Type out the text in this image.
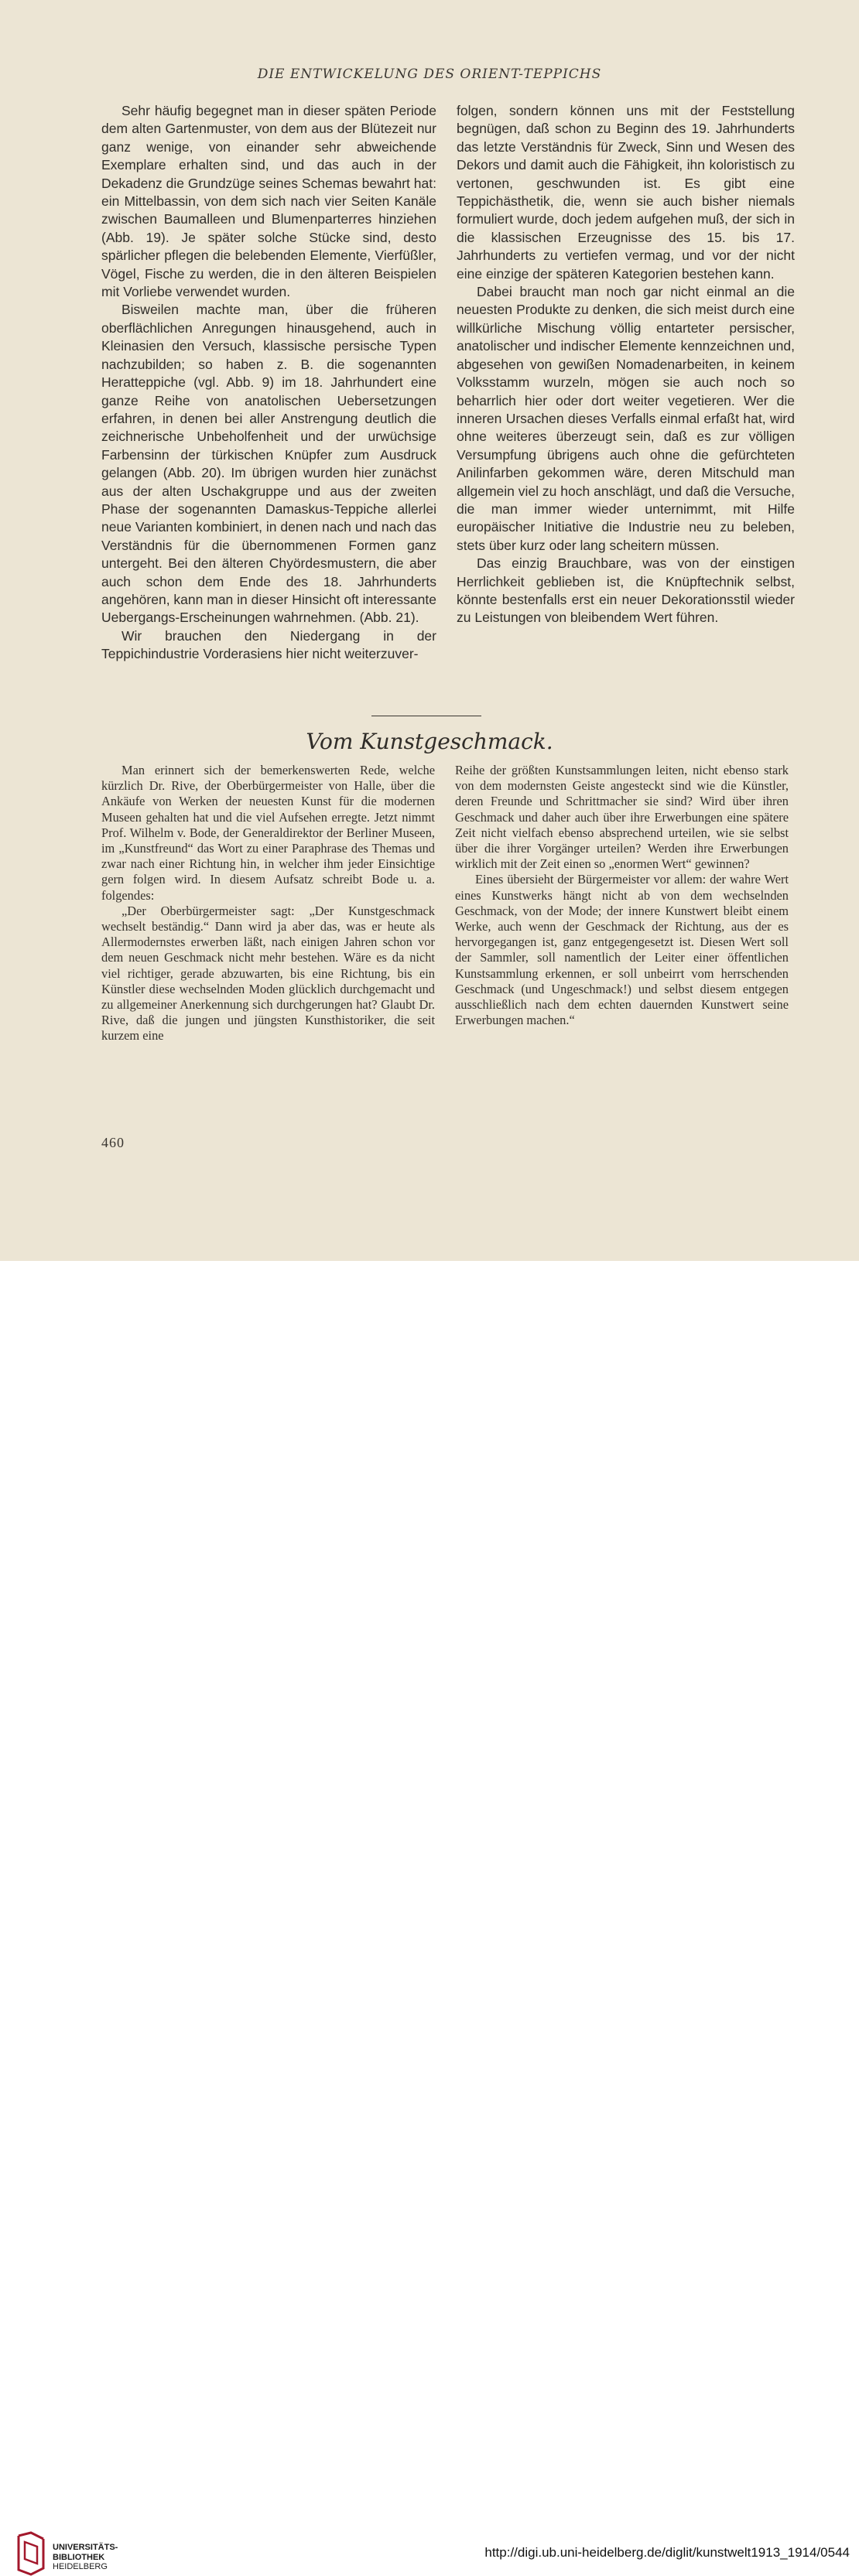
DIE ENTWICKELUNG DES ORIENT-TEPPICHS

Sehr häufig begegnet man in dieser späten Periode dem alten Gartenmuster, von dem aus der Blütezeit nur ganz wenige, von einander sehr abweichende Exemplare erhalten sind, und das auch in der Dekadenz die Grundzüge seines Schemas bewahrt hat: ein Mittelbassin, von dem sich nach vier Seiten Kanäle zwischen Baumalleen und Blumenparterres hinziehen (Abb. 19). Je später solche Stücke sind, desto spärlicher pflegen die belebenden Elemente, Vierfüßler, Vögel, Fische zu werden, die in den älteren Beispielen mit Vorliebe verwendet wurden.

Bisweilen machte man, über die früheren oberflächlichen Anregungen hinausgehend, auch in Kleinasien den Versuch, klassische persische Typen nachzubilden; so haben z. B. die sogenannten Heratteppiche (vgl. Abb. 9) im 18. Jahrhundert eine ganze Reihe von anatolischen Uebersetzungen erfahren, in denen bei aller Anstrengung deutlich die zeichnerische Unbeholfenheit und der urwüchsige Farbensinn der türkischen Knüpfer zum Ausdruck gelangen (Abb. 20). Im übrigen wurden hier zunächst aus der alten Uschakgruppe und aus der zweiten Phase der sogenannten Damaskus-Teppiche allerlei neue Varianten kombiniert, in denen nach und nach das Verständnis für die übernommenen Formen ganz untergeht. Bei den älteren Chyördesmustern, die aber auch schon dem Ende des 18. Jahrhunderts angehören, kann man in dieser Hinsicht oft interessante Uebergangs-Erscheinungen wahrnehmen. (Abb. 21).

Wir brauchen den Niedergang in der Teppichindustrie Vorderasiens hier nicht weiterzuver-

folgen, sondern können uns mit der Feststellung begnügen, daß schon zu Beginn des 19. Jahrhunderts das letzte Verständnis für Zweck, Sinn und Wesen des Dekors und damit auch die Fähigkeit, ihn koloristisch zu vertonen, geschwunden ist. Es gibt eine Teppichästhetik, die, wenn sie auch bisher niemals formuliert wurde, doch jedem aufgehen muß, der sich in die klassischen Erzeugnisse des 15. bis 17. Jahrhunderts zu vertiefen vermag, und vor der nicht eine einzige der späteren Kategorien bestehen kann.

Dabei braucht man noch gar nicht einmal an die neuesten Produkte zu denken, die sich meist durch eine willkürliche Mischung völlig entarteter persischer, anatolischer und indischer Elemente kennzeichnen und, abgesehen von gewißen Nomadenarbeiten, in keinem Volksstamm wurzeln, mögen sie auch noch so beharrlich hier oder dort weiter vegetieren. Wer die inneren Ursachen dieses Verfalls einmal erfaßt hat, wird ohne weiteres überzeugt sein, daß es zur völligen Versumpfung übrigens auch ohne die gefürchteten Anilinfarben gekommen wäre, deren Mitschuld man allgemein viel zu hoch anschlägt, und daß die Versuche, die man immer wieder unternimmt, mit Hilfe europäischer Initiative die Industrie neu zu beleben, stets über kurz oder lang scheitern müssen.

Das einzig Brauchbare, was von der einstigen Herrlichkeit geblieben ist, die Knüpftechnik selbst, könnte bestenfalls erst ein neuer Dekorationsstil wieder zu Leistungen von bleibendem Wert führen.

Vom Kunstgeschmack.

Man erinnert sich der bemerkenswerten Rede, welche kürzlich Dr. Rive, der Oberbürgermeister von Halle, über die Ankäufe von Werken der neuesten Kunst für die modernen Museen gehalten hat und die viel Aufsehen erregte. Jetzt nimmt Prof. Wilhelm v. Bode, der Generaldirektor der Berliner Museen, im „Kunstfreund“ das Wort zu einer Paraphrase des Themas und zwar nach einer Richtung hin, in welcher ihm jeder Einsichtige gern folgen wird. In diesem Aufsatz schreibt Bode u. a. folgendes:

„Der Oberbürgermeister sagt: „Der Kunstgeschmack wechselt beständig.“ Dann wird ja aber das, was er heute als Allermodernstes erwerben läßt, nach einigen Jahren schon vor dem neuen Geschmack nicht mehr bestehen. Wäre es da nicht viel richtiger, gerade abzuwarten, bis eine Richtung, bis ein Künstler diese wechselnden Moden glücklich durchgemacht und zu allgemeiner Anerkennung sich durchgerungen hat? Glaubt Dr. Rive, daß die jungen und jüngsten Kunsthistoriker, die seit kurzem eine

Reihe der größten Kunstsammlungen leiten, nicht ebenso stark von dem modernsten Geiste angesteckt sind wie die Künstler, deren Freunde und Schrittmacher sie sind? Wird über ihren Geschmack und daher auch über ihre Erwerbungen eine spätere Zeit nicht vielfach ebenso absprechend urteilen, wie sie selbst über die ihrer Vorgänger urteilen? Werden ihre Erwerbungen wirklich mit der Zeit einen so „enormen Wert“ gewinnen?

Eines übersieht der Bürgermeister vor allem: der wahre Wert eines Kunstwerks hängt nicht ab von dem wechselnden Geschmack, von der Mode; der innere Kunstwert bleibt einem Werke, auch wenn der Geschmack der Richtung, aus der es hervorgegangen ist, ganz entgegengesetzt ist. Diesen Wert soll der Sammler, soll namentlich der Leiter einer öffentlichen Kunstsammlung erkennen, er soll unbeirrt vom herrschenden Geschmack (und Ungeschmack!) und selbst diesem entgegen ausschließlich nach dem echten dauernden Kunstwert seine Erwerbungen machen.“

460
UNIVERSITÄTS-
BIBLIOTHEK
HEIDELBERG
http://digi.ub.uni-heidelberg.de/diglit/kunstwelt1913_1914/0544
